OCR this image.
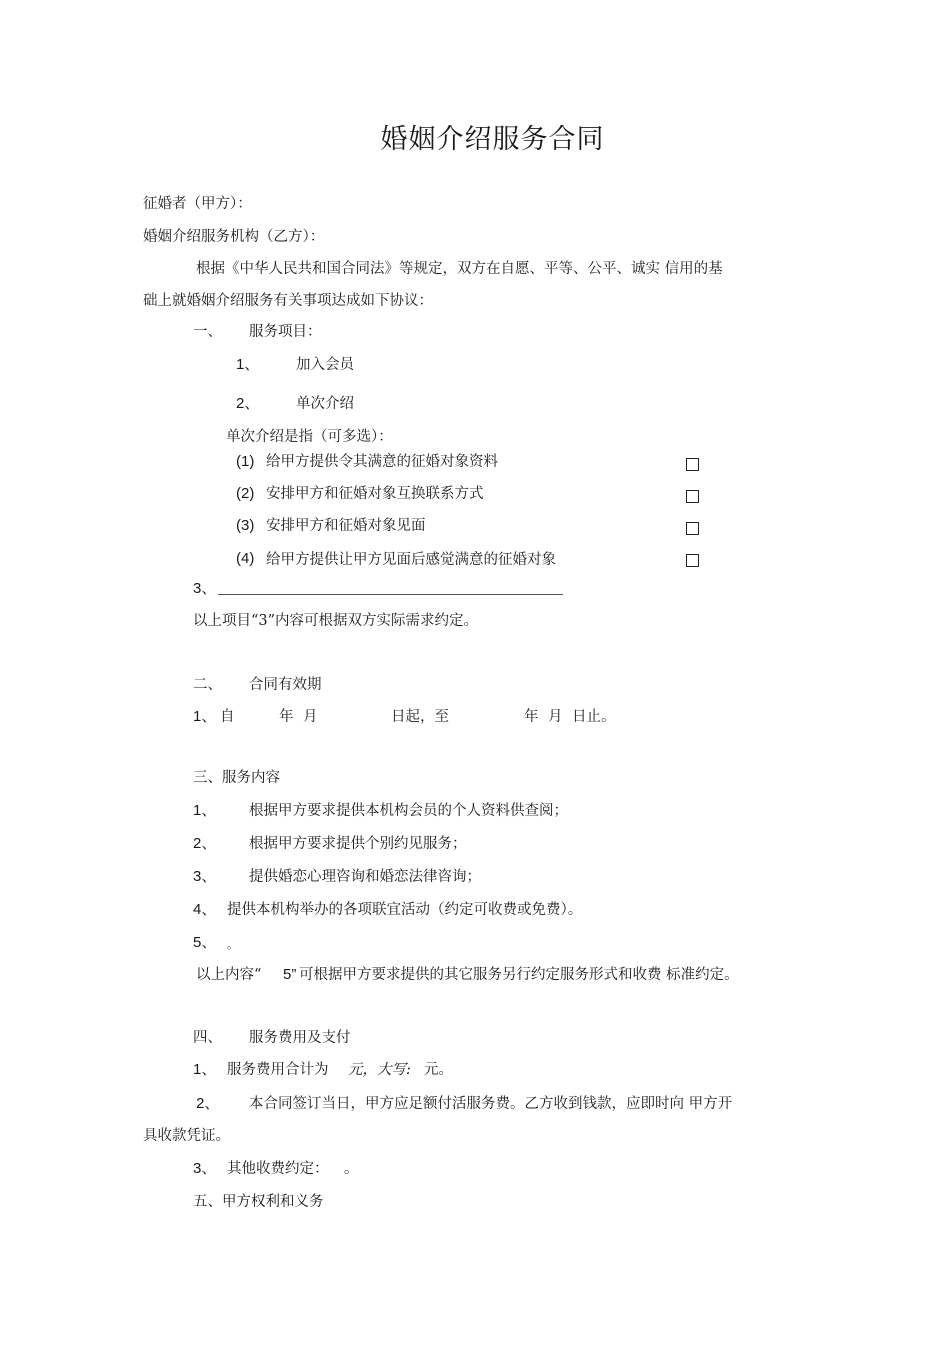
婚姻介绍服务合同
征婚者（甲方）：
婚姻介绍服务机构（乙方）：
根据《中华人民共和国合同法》等规定，双方在自愿、平等、公平、诚实 信用的基
础上就婚姻介绍服务有关事项达成如下协议：
一、 服务项目：
1、	加入会员
2、	单次介绍
单次介绍是指（可多选）：
(1) 给甲方提供令其满意的征婚对象资料
(2) 安排甲方和征婚对象互换联系方式
(3) 安排甲方和征婚对象见面
(4) 给甲方提供让甲方见面后感觉满意的征婚对象
3、
以上项目“3”内容可根据双方实际需求约定。
二、 合同有效期
1、 自	年 月	日起，至	年 月 日止。
三、服务内容
1、 根据甲方要求提供本机构会员的个人资料供查阅；
2、 根据甲方要求提供个别约见服务；
3、 提供婚恋心理咨询和婚恋法律咨询；
4、 提供本机构举办的各项联宜活动（约定可收费或免费）。
5、 。
以上内容“ 5” 可根据甲方要求提供的其它服务另行约定服务形式和收费 标准约定。
四、 服务费用及支付
1、 服务费用合计为 元，大写: 元。
2、 本合同签订当日，甲方应足额付活服务费。乙方收到钱款，应即时向 甲方开
具收款凭证。
3、 其他收费约定： 。
五、甲方权利和义务
